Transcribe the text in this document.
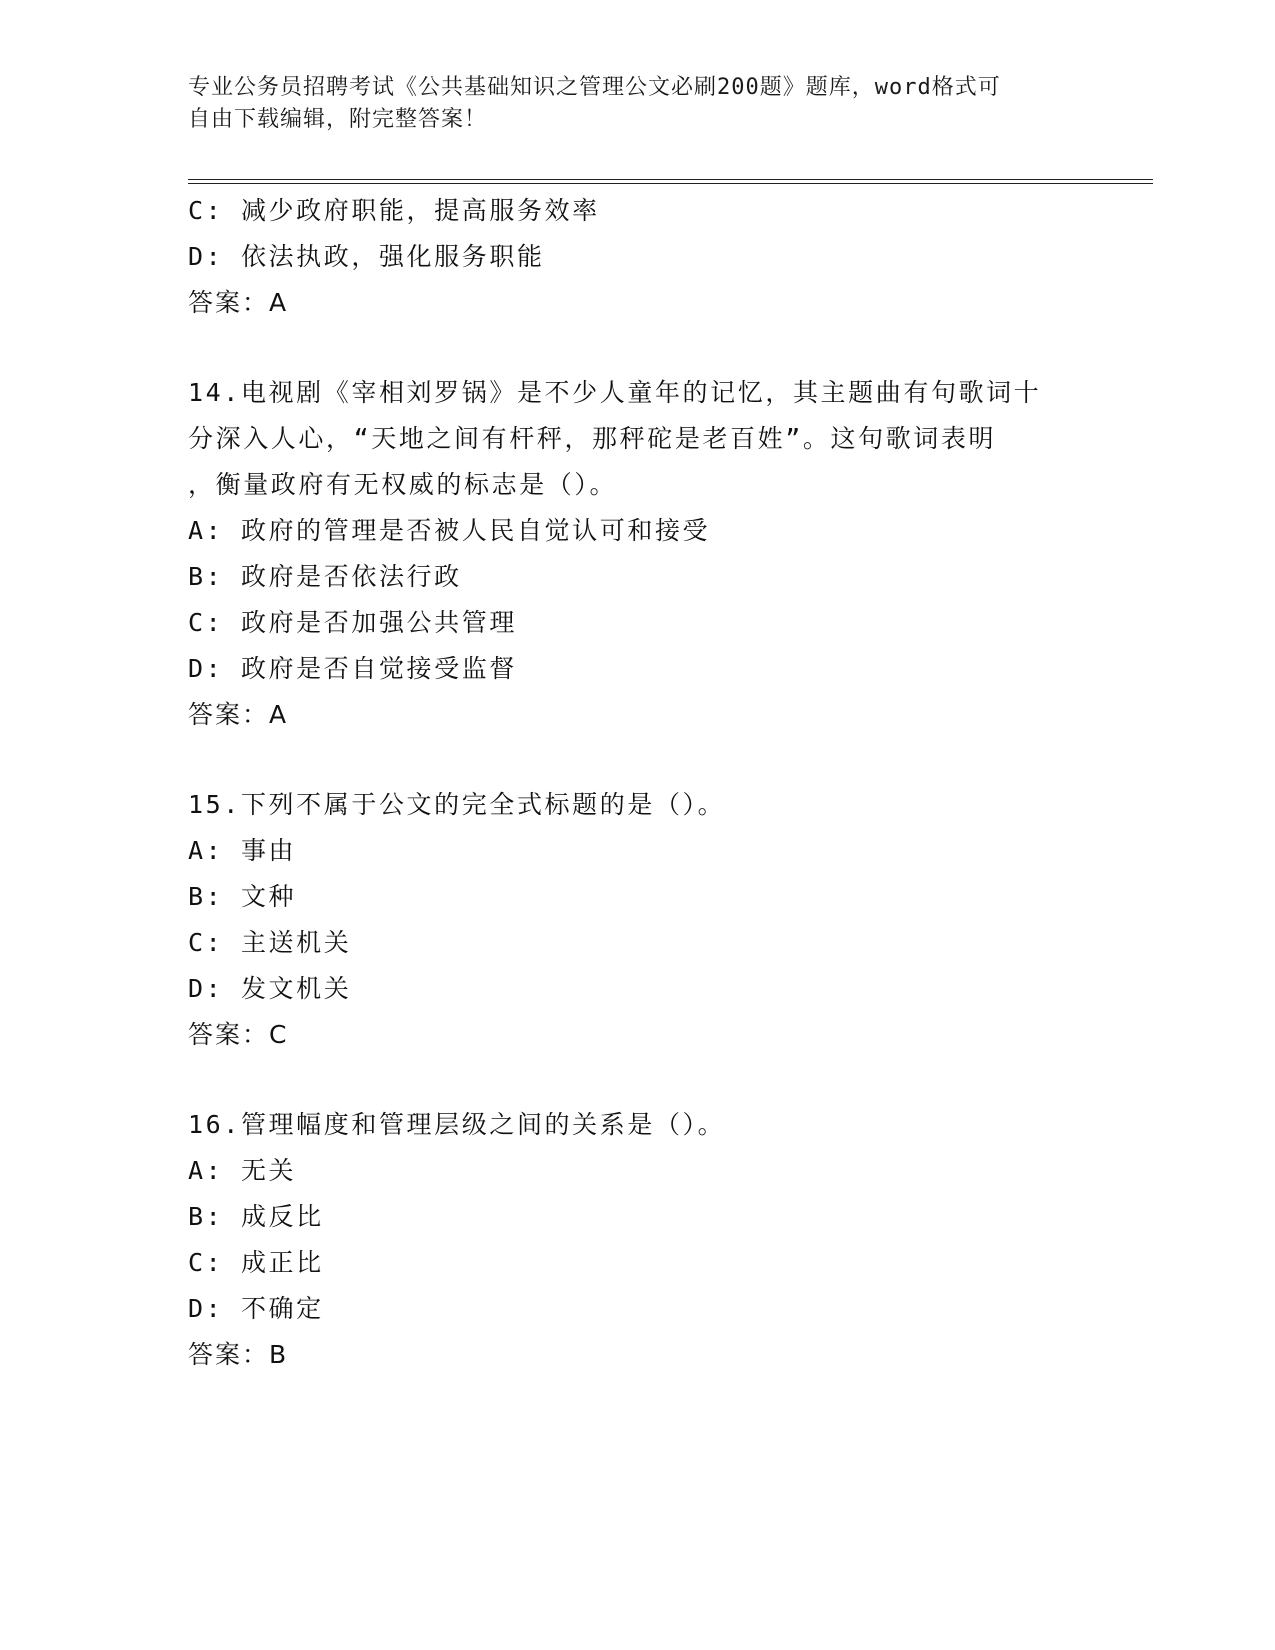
专业公务员招聘考试《公共基础知识之管理公文必刷200题》题库，word格式可

自由下载编辑，附完整答案！

C: 减少政府职能，提高服务效率

D: 依法执政，强化服务职能

答案：A

14.电视剧《宰相刘罗锅》是不少人童年的记忆，其主题曲有句歌词十

分深入人心，“天地之间有杆秤，那秤砣是老百姓”。这句歌词表明

，衡量政府有无权威的标志是（）。

A: 政府的管理是否被人民自觉认可和接受

B: 政府是否依法行政

C: 政府是否加强公共管理

D: 政府是否自觉接受监督

答案：A

15.下列不属于公文的完全式标题的是（）。

A: 事由

B: 文种

C: 主送机关

D: 发文机关

答案：C

16.管理幅度和管理层级之间的关系是（）。

A: 无关

B: 成反比

C: 成正比

D: 不确定

答案：B
